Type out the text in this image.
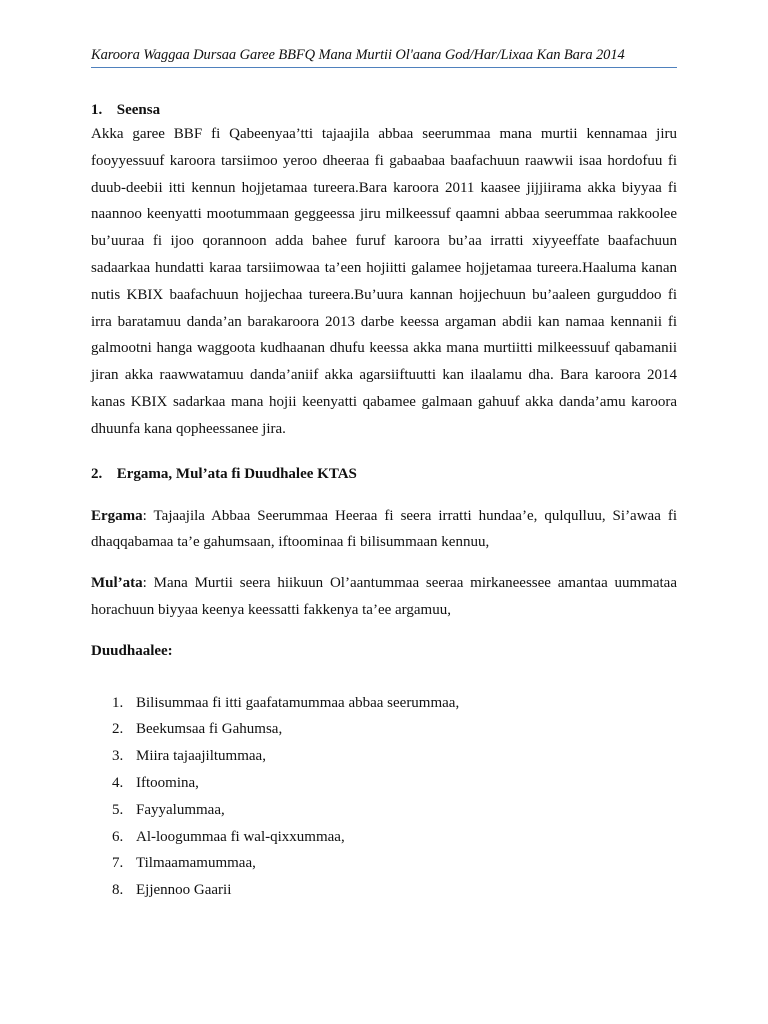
Karoora Waggaa Dursaa Garee BBFQ Mana Murtii Ol'aana God/Har/Lixaa Kan Bara 2014

1. Seensa

Akka garee BBF fi Qabeenyaa’tti tajaajila abbaa seerummaa mana murtii kennamaa jiru fooyyessuuf karoora tarsiimoo yeroo dheeraa fi gabaabaa baafachuun raawwii isaa hordofuu fi duub-deebii itti kennun hojjetamaa tureera.Bara karoora 2011 kaasee jijjiirama akka biyyaa fi naannoo keenyatti mootummaan geggeessa jiru milkeessuf qaamni abbaa seerummaa rakkoolee bu’uuraa fi ijoo qorannoon adda bahee furuf karoora bu’aa irratti xiyyeeffate baafachuun sadaarkaa hundatti karaa tarsiimowaa ta’een hojiitti galamee hojjetamaa tureera.Haaluma kanan nutis KBIX baafachuun hojjechaa tureera.Bu’uura kannan hojjechuun bu’aaleen gurguddoo fi irra baratamuu danda’an barakaroora 2013 darbe keessa argaman abdii kan namaa kennanii fi galmootni hanga waggoota kudhaanan dhufu keessa akka mana murtiitti milkeessuuf qabamanii jiran akka raawwatamuu danda’aniif akka agarsiiftuutti kan ilaalamu dha. Bara karoora 2014 kanas KBIX sadarkaa mana hojii keenyatti qabamee galmaan gahuuf akka danda’amu karoora dhuunfa kana qopheessanee jira.

2. Ergama, Mul’ata fi Duudhalee KTAS

Ergama: Tajaajila Abbaa Seerummaa Heeraa fi seera irratti hundaa’e, qulqulluu, Si’awaa fi dhaqqabamaa ta’e gahumsaan, iftoominaa fi bilisummaan kennuu,

Mul’ata: Mana Murtii seera hiikuun Ol’aantummaa seeraa mirkaneessee amantaa uummataa horachuun biyyaa keenya keessatti fakkenya ta’ee argamuu,

Duudhaalee:

1. Bilisummaa fi itti gaafatamummaa abbaa seerummaa,
2. Beekumsaa fi Gahumsa,
3. Miira tajaajiltummaa,
4. Iftoomina,
5. Fayyalummaa,
6. Al-loogummaa fi wal-qixxummaa,
7. Tilmaamamummaa,
8. Ejjennoo Gaarii
